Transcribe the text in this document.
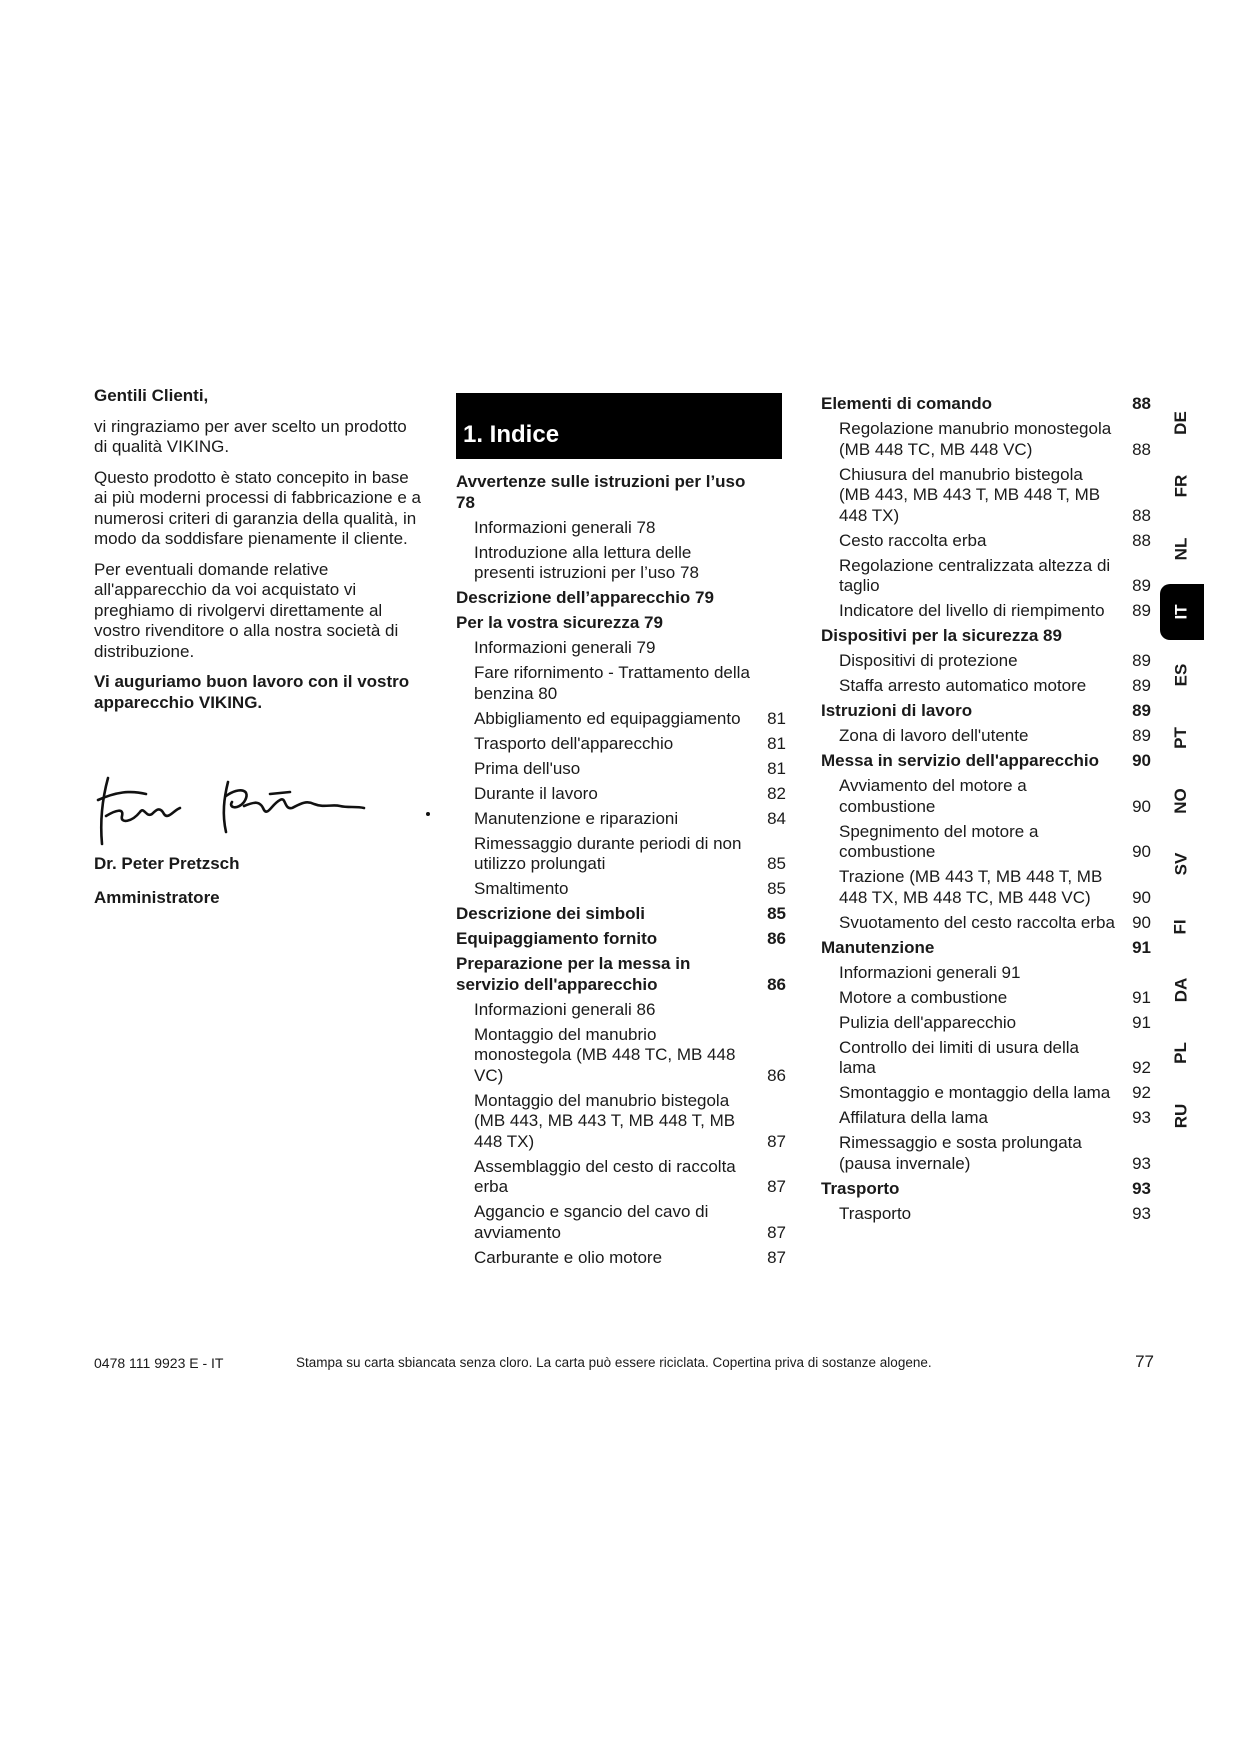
Gentili Clienti,

vi ringraziamo per aver scelto un prodotto di qualità VIKING.

Questo prodotto è stato concepito in base ai più moderni processi di fabbricazione e a numerosi criteri di garanzia della qualità, in modo da soddisfare pienamente il cliente.

Per eventuali domande relative all'apparecchio da voi acquistato vi preghiamo di rivolgervi direttamente al vostro rivenditore o alla nostra società di distribuzione.

Vi auguriamo buon lavoro con il vostro apparecchio VIKING.

Dr. Peter Pretzsch
Amministratore
1. Indice
Avvertenze sulle istruzioni per l’uso 78
Informazioni generali 78
Introduzione alla lettura delle presenti istruzioni per l’uso 78
Descrizione dell’apparecchio 79
Per la vostra sicurezza 79
Informazioni generali 79
Fare rifornimento - Trattamento della benzina 80
Abbigliamento ed equipaggiamento	81
Trasporto dell'apparecchio	81
Prima dell'uso	81
Durante il lavoro	82
Manutenzione e riparazioni	84
Rimessaggio durante periodi di non utilizzo prolungati	85
Smaltimento	85
Descrizione dei simboli	85
Equipaggiamento fornito	86
Preparazione per la messa in servizio dell'apparecchio	86
Informazioni generali 86
Montaggio del manubrio monostegola (MB 448 TC, MB 448 VC)	86
Montaggio del manubrio bistegola (MB 443, MB 443 T, MB 448 T, MB 448 TX)	87
Assemblaggio del cesto di raccolta erba	87
Aggancio e sgancio del cavo di avviamento	87
Carburante e olio motore	87
Elementi di comando	88
Regolazione manubrio monostegola (MB 448 TC, MB 448 VC)	88
Chiusura del manubrio bistegola (MB 443, MB 443 T, MB 448 T, MB 448 TX)	88
Cesto raccolta erba	88
Regolazione centralizzata altezza di taglio	89
Indicatore del livello di riempimento	89
Dispositivi per la sicurezza 89
Dispositivi di protezione	89
Staffa arresto automatico motore	89
Istruzioni di lavoro	89
Zona di lavoro dell'utente	89
Messa in servizio dell'apparecchio	90
Avviamento del motore a combustione	90
Spegnimento del motore a combustione	90
Trazione (MB 443 T, MB 448 T, MB 448 TX, MB 448 TC, MB 448 VC)	90
Svuotamento del cesto raccolta erba	90
Manutenzione	91
Informazioni generali 91
Motore a combustione	91
Pulizia dell'apparecchio	91
Controllo dei limiti di usura della lama	92
Smontaggio e montaggio della lama	92
Affilatura della lama	93
Rimessaggio e sosta prolungata (pausa invernale)	93
Trasporto	93
Trasporto	93
DE
FR
NL
IT
ES
PT
NO
SV
FI
DA
PL
RU
0478 111 9923 E - IT	Stampa su carta sbiancata senza cloro. La carta può essere riciclata. Copertina priva di sostanze alogene.	77
